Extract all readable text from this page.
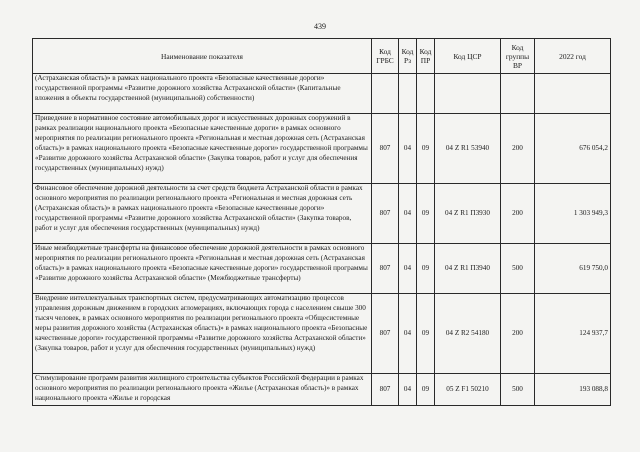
439
Наименование показателя	Код ГРБС	Код Рз	Код ПР	Код ЦСР	Код группы ВР	2022 год
(Астраханская область)» в рамках национального проекта «Безопасные качественные дороги» государственной программы «Развитие дорожного хозяйства Астраханской области» (Капитальные вложения в объекты государственной (муниципальной) собственности)						
Приведение в нормативное состояние автомобильных дорог и искусственных дорожных сооружений в рамках реализации национального проекта «Безопасные качественные дороги» в рамках основного мероприятия по реализации регионального проекта «Региональная и местная дорожная сеть (Астраханская область)» в рамках национального проекта «Безопасные качественные дороги» государственной программы «Развитие дорожного хозяйства Астраханской области» (Закупка товаров, работ и услуг для обеспечения государственных (муниципальных) нужд)	807	04	09	04 Z R1 53940	200	676 054,2
Финансовое обеспечение дорожной деятельности за счет средств бюджета Астраханской области в рамках основного мероприятия по реализации регионального проекта «Региональная и местная дорожная сеть (Астраханская область)» в рамках национального проекта «Безопасные качественные дороги» государственной программы «Развитие дорожного хозяйства Астраханской области» (Закупка товаров, работ и услуг для обеспечения государственных (муниципальных) нужд)	807	04	09	04 Z R1 П3930	200	1 303 949,3
Иные межбюджетные трансферты на финансовое обеспечение дорожной деятельности в рамках основного мероприятия по реализации регионального проекта «Региональная и местная дорожная сеть (Астраханская область)» в рамках национального проекта «Безопасные качественные дороги» государственной программы «Развитие дорожного хозяйства Астраханской области» (Межбюджетные трансферты)	807	04	09	04 Z R1 П3940	500	619 750,0
Внедрение интеллектуальных транспортных систем, предусматривающих автоматизацию процессов управления дорожным движением в городских агломерациях, включающих города с населением свыше 300 тысяч человек, в рамках основного мероприятия по реализации регионального проекта «Общесистемные меры развития дорожного хозяйства (Астраханская область)» в рамках национального проекта «Безопасные качественные дороги» государственной программы «Развитие дорожного хозяйства Астраханской области» (Закупка товаров, работ и услуг для обеспечения государственных (муниципальных) нужд)	807	04	09	04 Z R2 54180	200	124 937,7
Стимулирование программ развития жилищного строительства субъектов Российской Федерации в рамках основного мероприятия по реализации регионального проекта «Жилье (Астраханская область)» в рамках национального проекта «Жилье и городская	807	04	09	05 Z F1 50210	500	193 088,8
